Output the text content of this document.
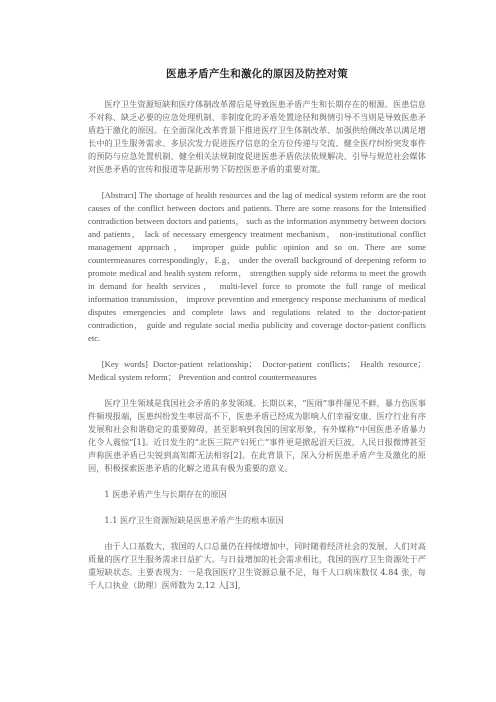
医患矛盾产生和激化的原因及防控对策

医疗卫生资源短缺和医疗体制改革滞后是导致医患矛盾产生和长期存在的根源。医患信息不对称、缺乏必要的应急处理机制、非制度化的矛盾处置途径和舆情引导不当则是导致医患矛盾趋于激化的原因。在全面深化改革背景下推进医疗卫生体制改革、加强供给侧改革以满足增长中的卫生服务需求、多层次发力促进医疗信息的全方位传递与交流、健全医疗纠纷突发事件的预防与应急处置机制、健全相关法规制度促进医患矛盾依法依规解决、引导与规范社会媒体对医患矛盾的宣传和报道等是新形势下防控医患矛盾的重要对策。

[Abstract] The shortage of health resources and the lag of medical system reform are the root causes of the conflict between doctors and patients. There are some reasons for the Intensified contradiction between doctors and patients， such as the information asymmetry between doctors and patients， lack of necessary emergency treatment mechanism， non-institutional conflict management approach， improper guide public opinion and so on. There are some countermeasures correspondingly，E.g， under the overall background of deepening reform to promote medical and health system reform， strengthen supply side reforms to meet the growth in demand for health services， multi-level force to promote the full range of medical information transmission， improve prevention and emergency response mechanisms of medical disputes emergencies and complete laws and regulations related to the doctor-patient contradiction， guide and regulate social media publicity and coverage doctor-patient conflicts etc.

[Key words] Doctor-patient relationship； Doctor-patient conflicts； Health resource； Medical system reform； Prevention and control countermeasures

医疗卫生领域是我国社会矛盾的多发领域。长期以来，“医闹”事件屡见不鲜，暴力伤医事件频现报端，医患纠纷发生率居高不下，医患矛盾已经成为影响人们幸福安康、医疗行业有序发展和社会和谐稳定的重要障碍，甚至影响到我国的国家形象，有外媒称“中国医患矛盾暴力化令人震惊”[1]。近日发生的“北医三院产妇死亡”事件更是掀起滔天巨波，人民日报微博甚至声称医患矛盾已尖锐到高知都无法相容[2]。在此背景下，深入分析医患矛盾产生及激化的原因，积极探索医患矛盾的化解之道具有极为重要的意义。

1 医患矛盾产生与长期存在的原因
1.1 医疗卫生资源短缺是医患矛盾产生的根本原因

由于人口基数大，我国的人口总量仍在持续增加中，同时随着经济社会的发展，人们对高质量的医疗卫生服务需求日益扩大。与日益增加的社会需求相比，我国的医疗卫生资源处于严重短缺状态。主要表现为：一是我国医疗卫生资源总量不足，每千人口病床数仅 4.84 张，每千人口执业（助理）医师数为 2.12 人[3]，
